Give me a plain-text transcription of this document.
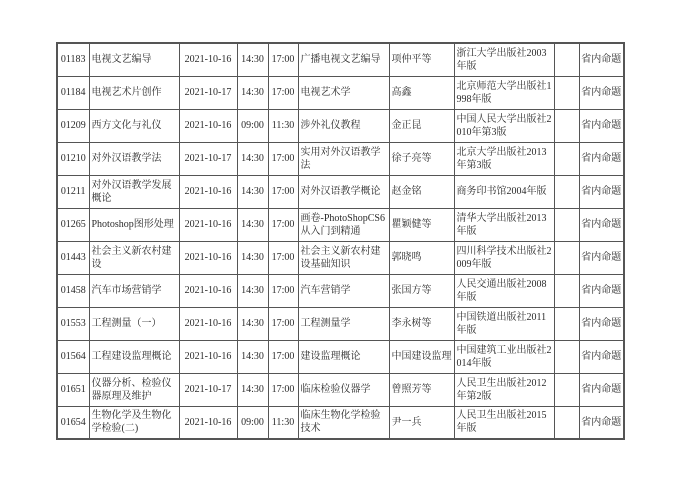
01183	电视文艺编导	2021-10-16	14:30	17:00	广播电视文艺编导	项仲平等	浙江大学出版社2003年版		省内命题
01184	电视艺术片创作	2021-10-17	14:30	17:00	电视艺术学	高鑫	北京师范大学出版社1998年版		省内命题
01209	西方文化与礼仪	2021-10-16	09:00	11:30	涉外礼仪教程	金正昆	中国人民大学出版社2010年第3版		省内命题
01210	对外汉语教学法	2021-10-17	14:30	17:00	实用对外汉语教学法	徐子亮等	北京大学出版社2013年第3版		省内命题
01211	对外汉语教学发展概论	2021-10-16	14:30	17:00	对外汉语教学概论	赵金铭	商务印书馆2004年版		省内命题
01265	Photoshop图形处理	2021-10-16	14:30	17:00	画卷-PhotoShopCS6从入门到精通	瞿颖健等	清华大学出版社2013年版		省内命题
01443	社会主义新农村建设	2021-10-16	14:30	17:00	社会主义新农村建设基础知识	郭晓鸣	四川科学技术出版社2009年版		省内命题
01458	汽车市场营销学	2021-10-16	14:30	17:00	汽车营销学	张国方等	人民交通出版社2008年版		省内命题
01553	工程测量（一）	2021-10-16	14:30	17:00	工程测量学	李永树等	中国铁道出版社2011年版		省内命题
01564	工程建设监理概论	2021-10-16	14:30	17:00	建设监理概论	中国建设监理	中国建筑工业出版社2014年版		省内命题
01651	仪器分析、检验仪器原理及维护	2021-10-17	14:30	17:00	临床检验仪器学	曾照芳等	人民卫生出版社2012年第2版		省内命题
01654	生物化学及生物化学检验(二)	2021-10-16	09:00	11:30	临床生物化学检验技术	尹一兵	人民卫生出版社2015年版		省内命题
